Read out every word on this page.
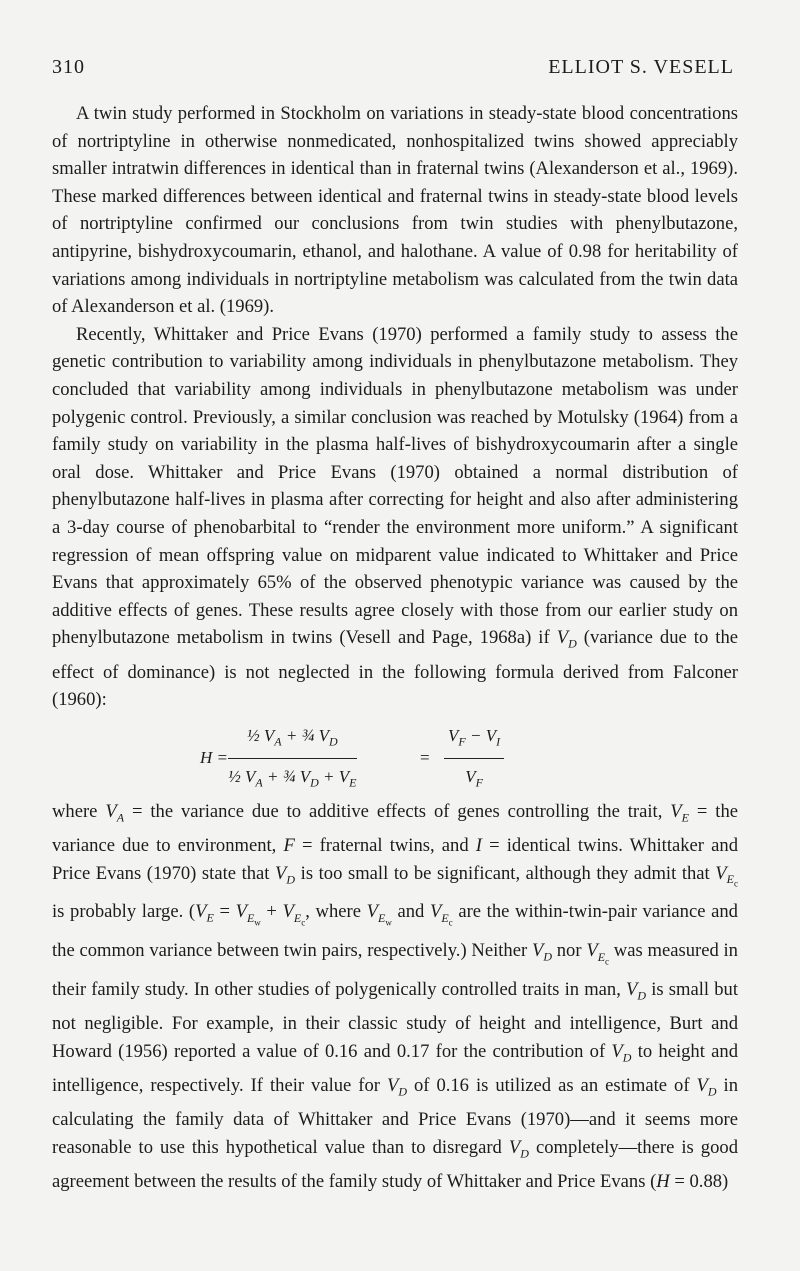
310	ELLIOT S. VESELL

A twin study performed in Stockholm on variations in steady-state blood concentrations of nortriptyline in otherwise nonmedicated, nonhospitalized twins showed appreciably smaller intratwin differences in identical than in fraternal twins (Alexanderson et al., 1969). These marked differences between identical and fraternal twins in steady-state blood levels of nortriptyline confirmed our conclusions from twin studies with phenylbutazone, antipyrine, bishydroxycoumarin, ethanol, and halothane. A value of 0.98 for heritability of variations among individuals in nortriptyline metabolism was calculated from the twin data of Alexanderson et al. (1969).

Recently, Whittaker and Price Evans (1970) performed a family study to assess the genetic contribution to variability among individuals in phenylbutazone metabolism. They concluded that variability among individuals in phenylbutazone metabolism was under polygenic control. Previously, a similar conclusion was reached by Motulsky (1964) from a family study on variability in the plasma half-lives of bishydroxycoumarin after a single oral dose. Whittaker and Price Evans (1970) obtained a normal distribution of phenylbutazone half-lives in plasma after correcting for height and also after administering a 3-day course of phenobarbital to “render the environment more uniform.” A significant regression of mean offspring value on midparent value indicated to Whittaker and Price Evans that approximately 65% of the observed phenotypic variance was caused by the additive effects of genes. These results agree closely with those from our earlier study on phenylbutazone metabolism in twins (Vesell and Page, 1968a) if $V_D$ (variance due to the effect of dominance) is not neglected in the following formula derived from Falconer (1960):

$H = \frac{\frac{1}{2} V_A + \frac{3}{4} V_D}{\frac{1}{2} V_A + \frac{3}{4} V_D + V_E}$	= $\frac{V_F - V_I}{V_F}$

where $V_A$ = the variance due to additive effects of genes controlling the trait, $V_E$ = the variance due to environment, F = fraternal twins, and I = identical twins. Whittaker and Price Evans (1970) state that $V_D$ is too small to be significant, although they admit that $V_{E_c}$ is probably large. ($V_E = V_{E_w} + V_{E_c}$, where $V_{E_w}$ and $V_{E_c}$ are the within-twin-pair variance and the common variance between twin pairs, respectively.) Neither $V_D$ nor $V_{E_c}$ was measured in their family study. In other studies of polygenically controlled traits in man, $V_D$ is small but not negligible. For example, in their classic study of height and intelligence, Burt and Howard (1956) reported a value of 0.16 and 0.17 for the contribution of $V_D$ to height and intelligence, respectively. If their value for $V_D$ of 0.16 is utilized as an estimate of $V_D$ in calculating the family data of Whittaker and Price Evans (1970)—and it seems more reasonable to use this hypothetical value than to disregard $V_D$ completely—there is good agreement between the results of the family study of Whittaker and Price Evans (H = 0.88)
